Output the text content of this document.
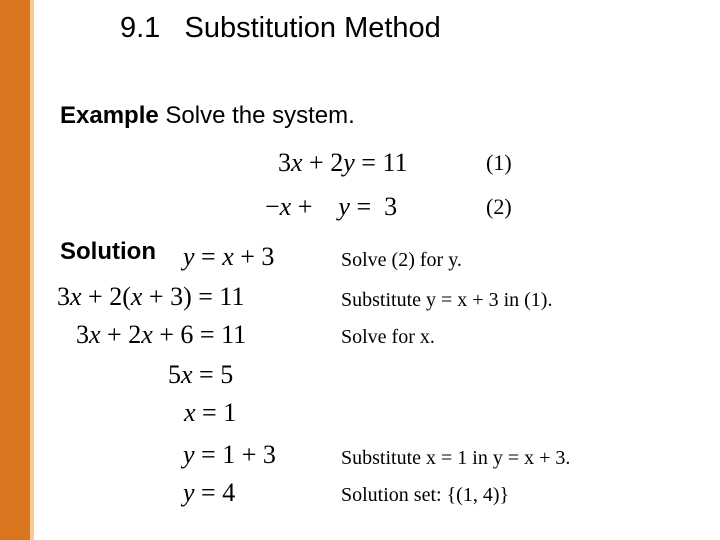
9.1   Substitution Method
Example Solve the system.
3x + 2y = 11	(1)
−x + y = 3	(2)
Solution y = x + 3
3x + 2(x + 3) = 11
3x + 2x + 6 = 11
5x = 5
x = 1
y = 1 + 3
y = 4
Solve (2) for y.
Substitute y = x + 3 in (1).
Solve for x.
Substitute x = 1 in y = x + 3.
Solution set: {(1, 4)}
